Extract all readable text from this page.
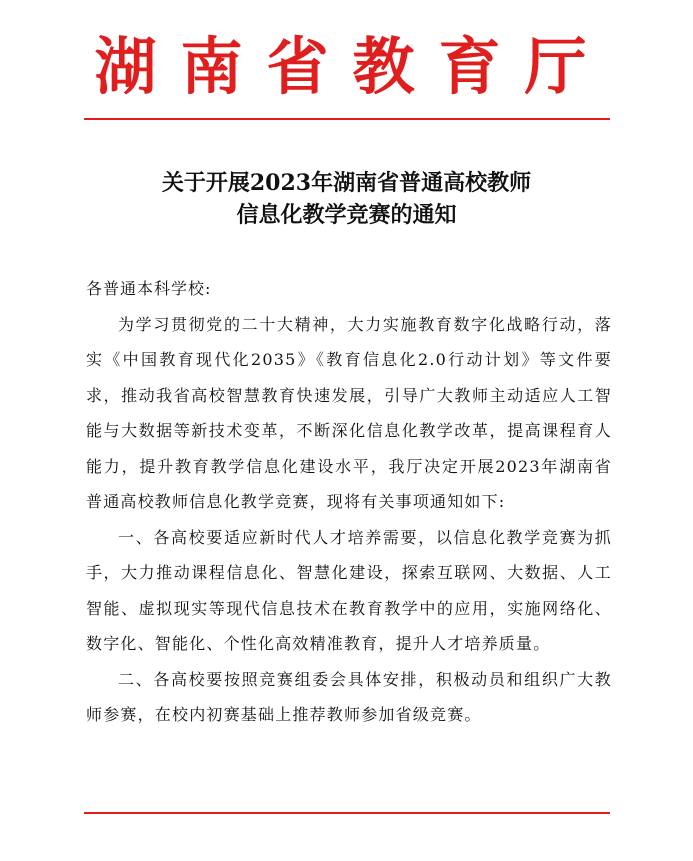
湖南省教育厅
关于开展2023年湖南省普通高校教师
信息化教学竞赛的通知

各普通本科学校:

为学习贯彻党的二十大精神，大力实施教育数字化战略行动，落实《中国教育现代化2035》《教育信息化2.0行动计划》等文件要求，推动我省高校智慧教育快速发展，引导广大教师主动适应人工智能与大数据等新技术变革，不断深化信息化教学改革，提高课程育人能力，提升教育教学信息化建设水平，我厅决定开展2023年湖南省普通高校教师信息化教学竞赛，现将有关事项通知如下:

一、各高校要适应新时代人才培养需要，以信息化教学竞赛为抓手，大力推动课程信息化、智慧化建设，探索互联网、大数据、人工智能、虚拟现实等现代信息技术在教育教学中的应用，实施网络化、数字化、智能化、个性化高效精准教育，提升人才培养质量。

二、各高校要按照竞赛组委会具体安排，积极动员和组织广大教师参赛，在校内初赛基础上推荐教师参加省级竞赛。
